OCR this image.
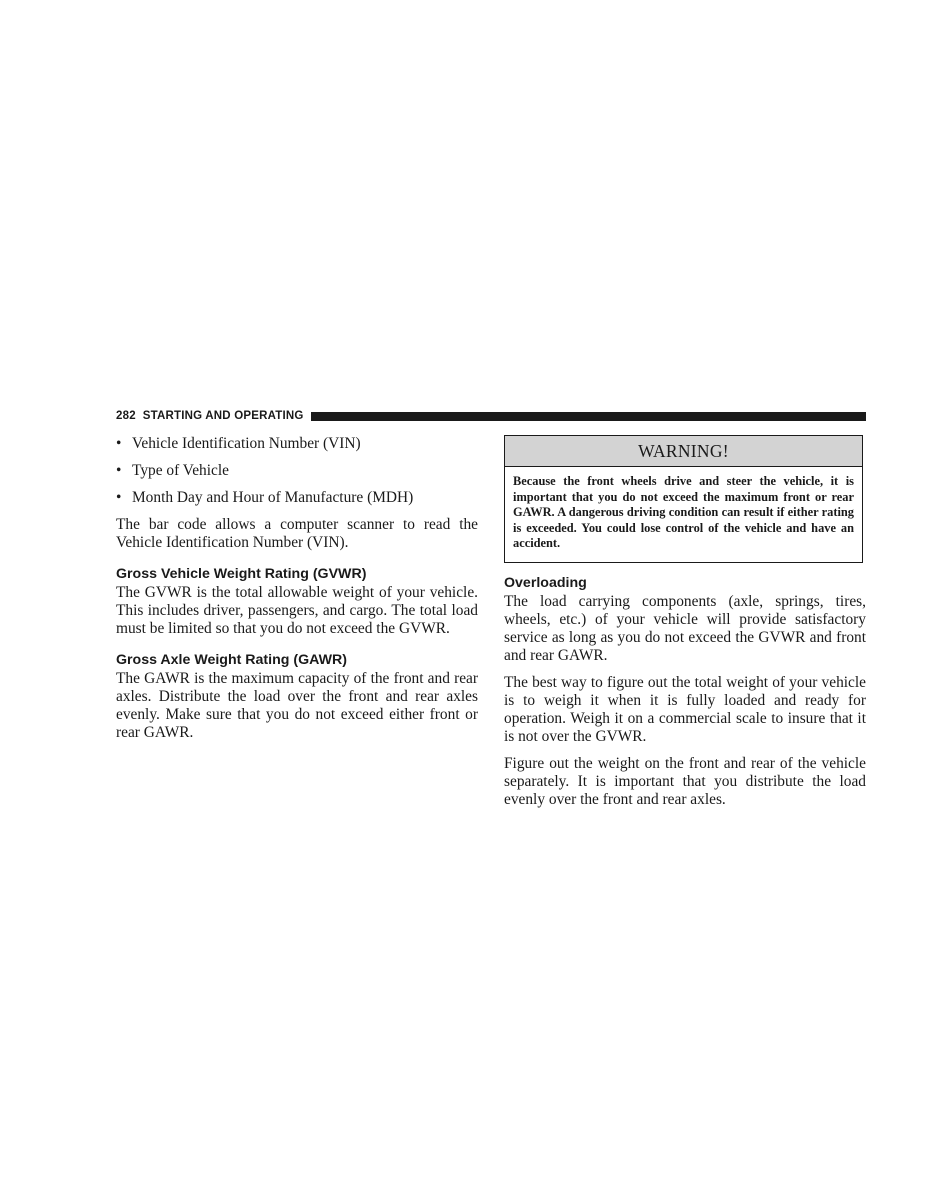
282 STARTING AND OPERATING
• Vehicle Identification Number (VIN)
• Type of Vehicle
• Month Day and Hour of Manufacture (MDH)

The bar code allows a computer scanner to read the Vehicle Identification Number (VIN).

Gross Vehicle Weight Rating (GVWR)

The GVWR is the total allowable weight of your vehicle. This includes driver, passengers, and cargo. The total load must be limited so that you do not exceed the GVWR.

Gross Axle Weight Rating (GAWR)

The GAWR is the maximum capacity of the front and rear axles. Distribute the load over the front and rear axles evenly. Make sure that you do not exceed either front or rear GAWR.

WARNING!
Because the front wheels drive and steer the vehicle, it is important that you do not exceed the maximum front or rear GAWR. A dangerous driving condition can result if either rating is exceeded. You could lose control of the vehicle and have an accident.
Overloading

The load carrying components (axle, springs, tires, wheels, etc.) of your vehicle will provide satisfactory service as long as you do not exceed the GVWR and front and rear GAWR.

The best way to figure out the total weight of your vehicle is to weigh it when it is fully loaded and ready for operation. Weigh it on a commercial scale to insure that it is not over the GVWR.

Figure out the weight on the front and rear of the vehicle separately. It is important that you distribute the load evenly over the front and rear axles.
